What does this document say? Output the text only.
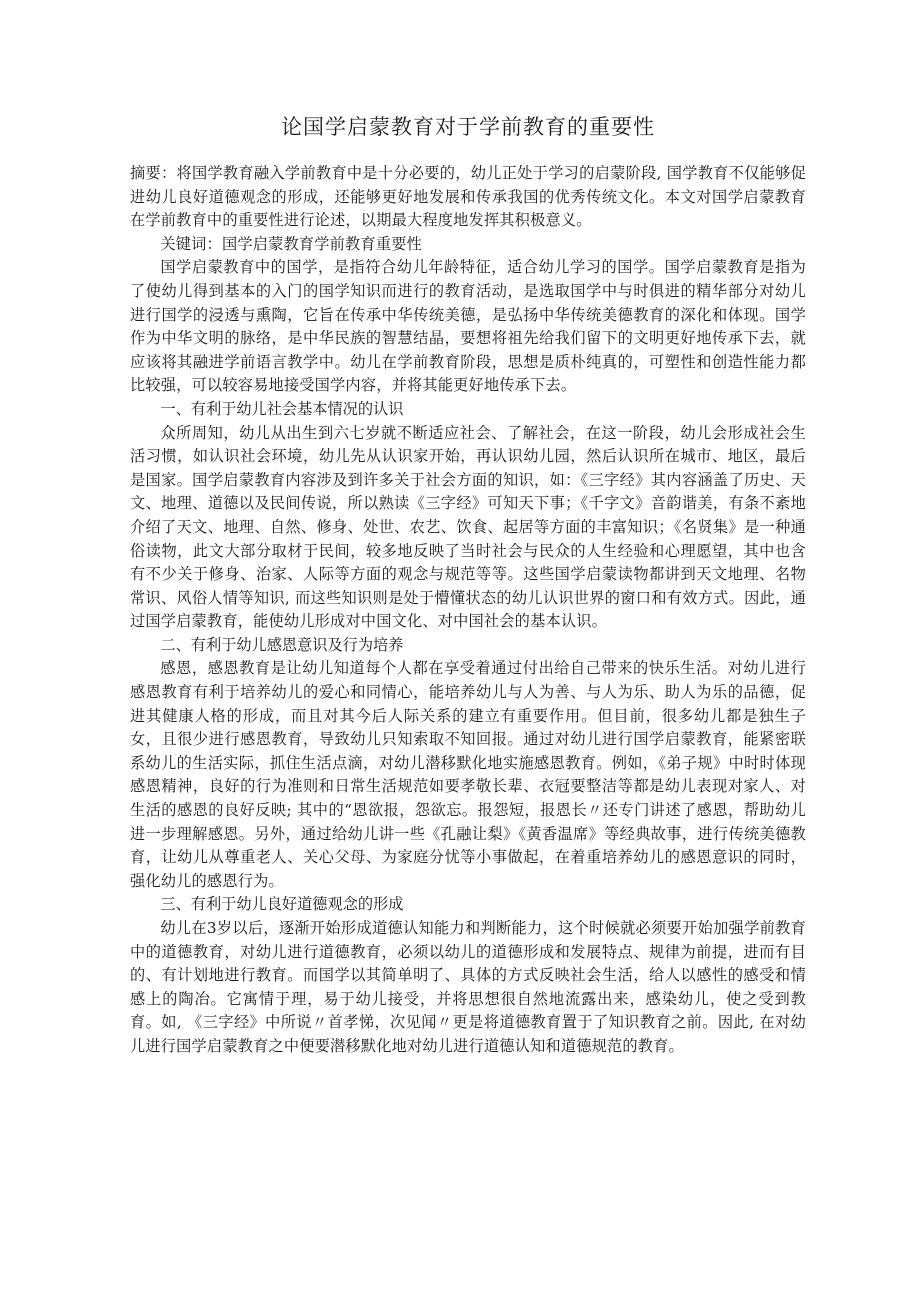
论国学启蒙教育对于学前教育的重要性

摘要：将国学教育融入学前教育中是十分必要的，幼儿正处于学习的启蒙阶段, 国学教育不仅能够促进幼儿良好道德观念的形成，还能够更好地发展和传承我国的优秀传统文化。本文对国学启蒙教育在学前教育中的重要性进行论述，以期最大程度地发挥其积极意义。

关键词：国学启蒙教育学前教育重要性

国学启蒙教育中的国学，是指符合幼儿年龄特征，适合幼儿学习的国学。国学启蒙教育是指为了使幼儿得到基本的入门的国学知识而进行的教育活动，是选取国学中与时俱进的精华部分对幼儿进行国学的浸透与熏陶，它旨在传承中华传统美德，是弘扬中华传统美德教育的深化和体现。国学作为中华文明的脉络，是中华民族的智慧结晶，要想将祖先给我们留下的文明更好地传承下去，就应该将其融进学前语言教学中。幼儿在学前教育阶段，思想是质朴纯真的，可塑性和创造性能力都比较强，可以较容易地接受国学内容，并将其能更好地传承下去。

一、有利于幼儿社会基本情况的认识

众所周知，幼儿从出生到六七岁就不断适应社会、了解社会，在这一阶段，幼儿会形成社会生活习惯，如认识社会环境，幼儿先从认识家开始，再认识幼儿园，然后认识所在城市、地区，最后是国家。国学启蒙教育内容涉及到许多关于社会方面的知识，如：《三字经》其内容涵盖了历史、天文、地理、道德以及民间传说，所以熟读《三字经》可知天下事；《千字文》音韵谐美，有条不紊地介绍了天文、地理、自然、修身、处世、农艺、饮食、起居等方面的丰富知识；《名贤集》是一种通俗读物，此文大部分取材于民间，较多地反映了当时社会与民众的人生经验和心理愿望，其中也含有不少关于修身、治家、人际等方面的观念与规范等等。这些国学启蒙读物都讲到天文地理、名物常识、风俗人情等知识, 而这些知识则是处于懵懂状态的幼儿认识世界的窗口和有效方式。因此，通过国学启蒙教育，能使幼儿形成对中国文化、对中国社会的基本认识。

二、有利于幼儿感恩意识及行为培养

感恩，感恩教育是让幼儿知道每个人都在享受着通过付出给自己带来的快乐生活。对幼儿进行感恩教育有利于培养幼儿的爱心和同情心，能培养幼儿与人为善、与人为乐、助人为乐的品德，促进其健康人格的形成，而且对其今后人际关系的建立有重要作用。但目前，很多幼儿都是独生子女，且很少进行感恩教育，导致幼儿只知索取不知回报。通过对幼儿进行国学启蒙教育，能紧密联系幼儿的生活实际，抓住生活点滴，对幼儿潜移默化地实施感恩教育。例如，《弟子规》中时时体现感恩精神，良好的行为准则和日常生活规范如要孝敬长辈、衣冠要整洁等都是幼儿表现对家人、对生活的感恩的良好反映; 其中的“恩欲报，怨欲忘。报怨短，报恩长〃还专门讲述了感恩，帮助幼儿进一步理解感恩。另外，通过给幼儿讲一些《孔融让梨》《黄香温席》等经典故事，进行传统美德教育，让幼儿从尊重老人、关心父母、为家庭分忧等小事做起，在着重培养幼儿的感恩意识的同时，强化幼儿的感恩行为。

三、有利于幼儿良好道德观念的形成

幼儿在3岁以后，逐渐开始形成道德认知能力和判断能力，这个时候就必须要开始加强学前教育中的道德教育，对幼儿进行道德教育，必须以幼儿的道德形成和发展特点、规律为前提，进而有目的、有计划地进行教育。而国学以其简单明了、具体的方式反映社会生活，给人以感性的感受和情感上的陶冶。它寓情于理，易于幼儿接受，并将思想很自然地流露出来，感染幼儿，使之受到教育。如, 《三字经》中所说〃首孝悌，次见闻〃更是将道德教育置于了知识教育之前。因此, 在对幼儿进行国学启蒙教育之中便要潜移默化地对幼儿进行道德认知和道德规范的教育。
